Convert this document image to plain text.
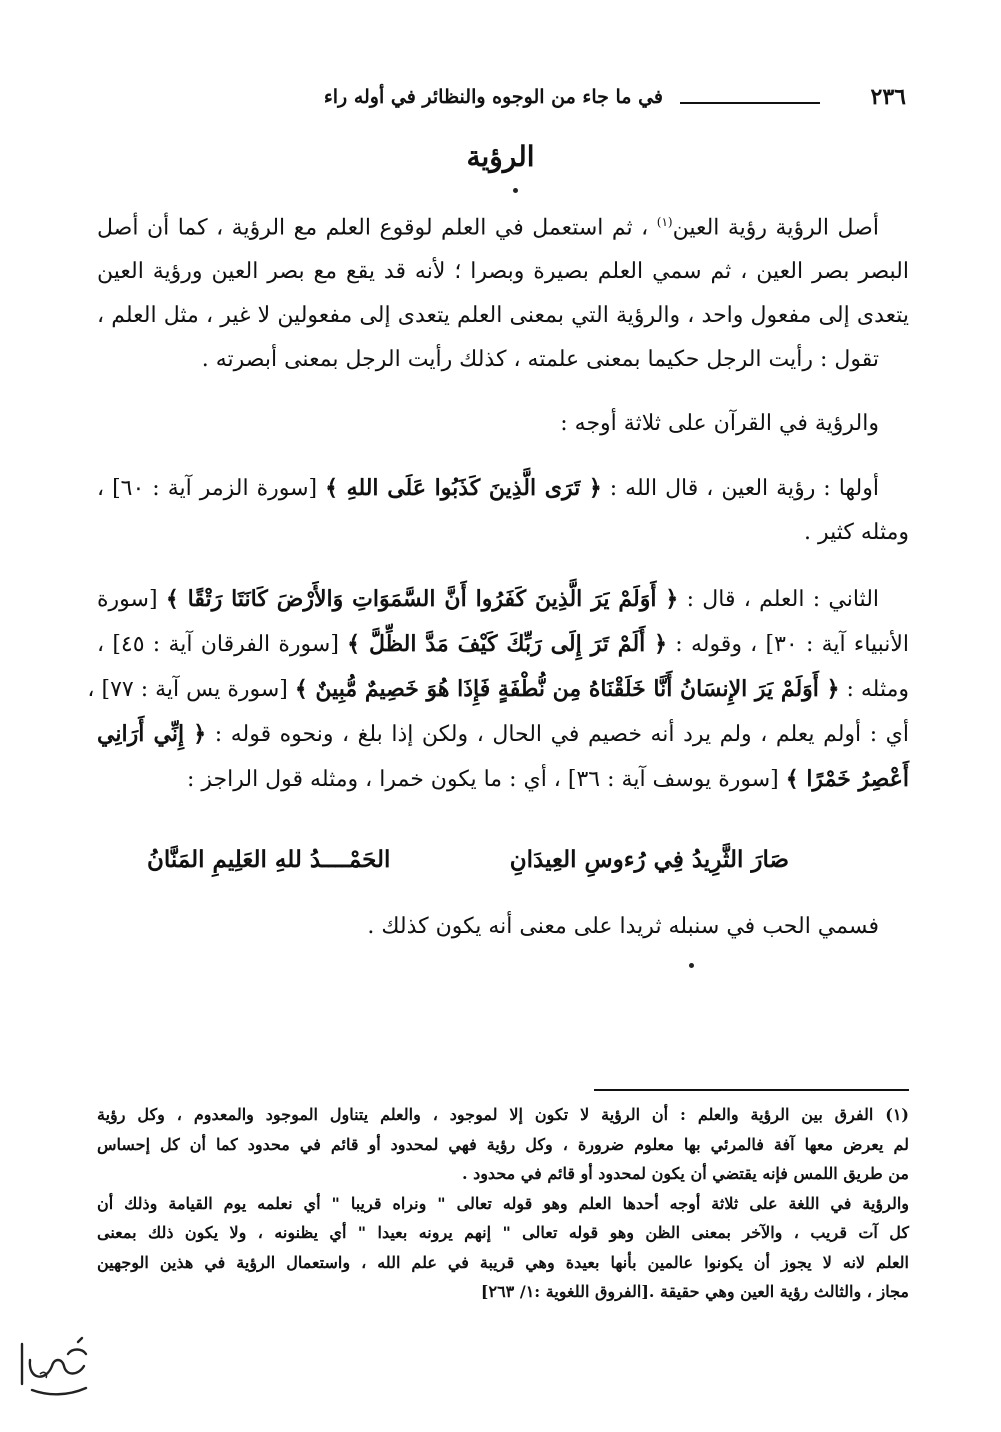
٢٣٦
في ما جاء من الوجوه والنظائر في أوله راء
الرؤية
أصل الرؤية رؤية العين$^{(١)}$ ، ثم استعمل في العلم لوقوع العلم مع الرؤية ، كما أن أصل
البصر بصر العين ، ثم سمي العلم بصيرة وبصرا ؛ لأنه قد يقع مع بصر العين ورؤية العين
يتعدى إلى مفعول واحد ، والرؤية التي بمعنى العلم يتعدى إلى مفعولين لا غير ، مثل العلم ،
تقول : رأيت الرجل حكيما بمعنى علمته ، كذلك رأيت الرجل بمعنى أبصرته .
والرؤية في القرآن على ثلاثة أوجه :
أولها : رؤية العين ، قال الله : ﴿ تَرَى الَّذِينَ كَذَبُوا عَلَى اللهِ ﴾ [سورة الزمر آية : ٦٠] ،
ومثله كثير .
الثاني : العلم ، قال : ﴿ أَوَلَمْ يَرَ الَّذِينَ كَفَرُوا أَنَّ السَّمَوَاتِ وَالأَرْضَ كَانَتَا رَتْقًا ﴾ [سورة
الأنبياء آية : ٣٠] ، وقوله : ﴿ أَلَمْ تَرَ إِلَى رَبِّكَ كَيْفَ مَدَّ الظِّلَّ ﴾ [سورة الفرقان آية : ٤٥] ،
ومثله : ﴿ أَوَلَمْ يَرَ الإِنسَانُ أَنَّا خَلَقْنَاهُ مِن نُّطْفَةٍ فَإِذَا هُوَ خَصِيمٌ مُّبِينٌ ﴾ [سورة يس آية : ٧٧] ،
أي : أولم يعلم ، ولم يرد أنه خصيم في الحال ، ولكن إذا بلغ ، ونحوه قوله : ﴿ إِنِّي أَرَانِي
أَعْصِرُ خَمْرًا ﴾ [سورة يوسف آية : ٣٦] ، أي : ما يكون خمرا ، ومثله قول الراجز :
صَارَ الثَّرِيدُ فِي رُءوسِ العِيدَانِ
الحَمْــــدُ للهِ العَلِيمِ المَنَّانُ
فسمي الحب في سنبله ثريدا على معنى أنه يكون كذلك .
(١) الفرق بين الرؤية والعلم : أن الرؤية لا تكون إلا لموجود ، والعلم يتناول الموجود والمعدوم ، وكل رؤية
لم يعرض معها آفة فالمرئي بها معلوم ضرورة ، وكل رؤية فهي لمحدود أو قائم في محدود كما أن كل إحساس
من طريق اللمس فإنه يقتضي أن يكون لمحدود أو قائم في محدود .
والرؤية في اللغة على ثلاثة أوجه أحدها العلم وهو قوله تعالى " ونراه قريبا " أي نعلمه يوم القيامة وذلك أن
كل آت قريب ، والآخر بمعنى الظن وهو قوله تعالى " إنهم يرونه بعيدا " أي يظنونه ، ولا يكون ذلك بمعنى
العلم لانه لا يجوز أن يكونوا عالمين بأنها بعيدة وهي قريبة في علم الله ، واستعمال الرؤية في هذين الوجهين
مجاز ، والثالث رؤية العين وهي حقيقة .[الفروق اللغوية :١/ ٢٦٣]
